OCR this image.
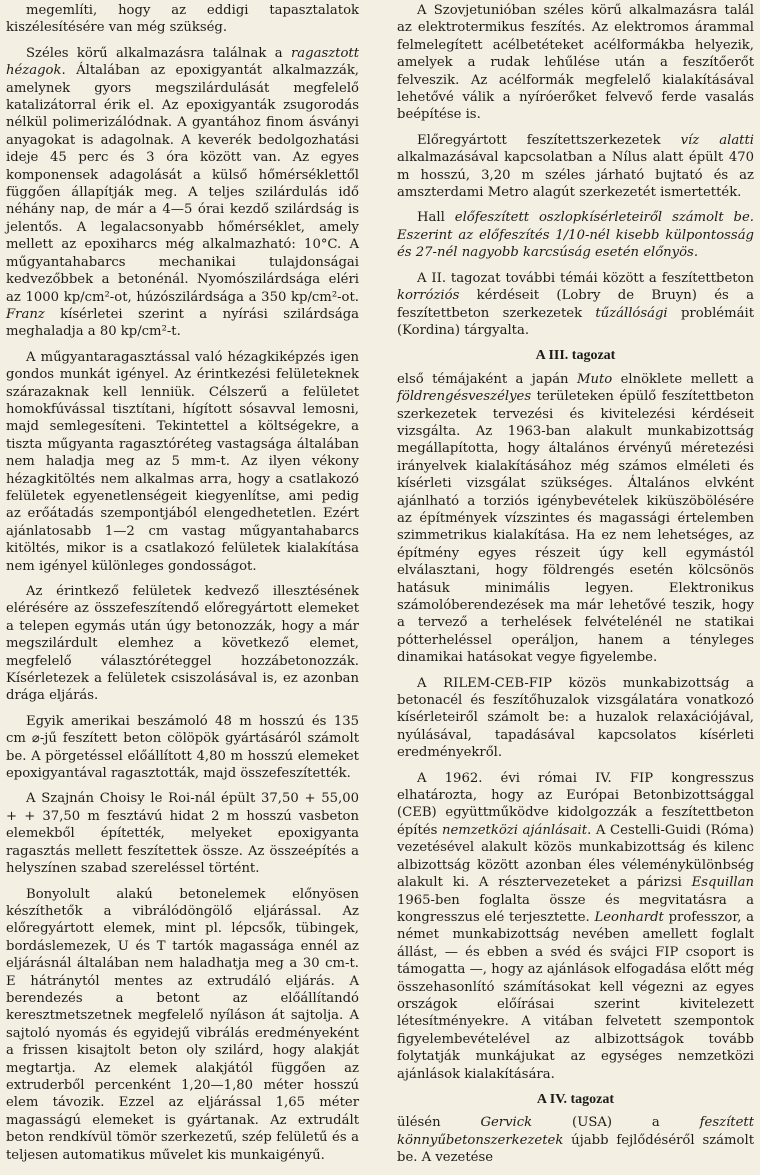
megemlíti, hogy az eddigi tapasztalatok kiszélesítésére van még szükség.

Széles körű alkalmazásra találnak a ragasztott hézagok. Általában az epoxigyantát alkalmazzák, amelynek gyors megszilárdulását megfelelő katalizátorral érik el. Az epoxigyanták zsugorodás nélkül polimerizálódnak. A gyantához finom ásványi anyagokat is adagolnak. A keverék bedolgozhatási ideje 45 perc és 3 óra között van. Az egyes komponensek adagolását a külső hőmérséklettől függően állapítják meg. A teljes szilárdulás idő néhány nap, de már a 4—5 órai kezdő szilárdság is jelentős. A legalacsonyabb hőmérséklet, amely mellett az epoxiharcs még alkalmazható: 10°C. A műgyantahabarcs mechanikai tulajdonságai kedvezőbbek a betonénál. Nyomószilárdsága eléri az 1000 kp/cm²-ot, húzószilárdsága a 350 kp/cm²-ot. Franz kísérletei szerint a nyírási szilárdsága meghaladja a 80 kp/cm²-t.

A műgyantaragasztással való hézagkiképzés igen gondos munkát igényel. Az érintkezési felületeknek szárazaknak kell lenniük. Célszerű a felületet homokfúvással tisztítani, hígított sósavval lemosni, majd semlegesíteni. Tekintettel a költségekre, a tiszta műgyanta ragasztóréteg vastagsága általában nem haladja meg az 5 mm-t. Az ilyen vékony hézagkitöltés nem alkalmas arra, hogy a csatlakozó felületek egyenetlenségeit kiegyenlítse, ami pedig az erőátadás szempontjából elengedhetetlen. Ezért ajánlatosabb 1—2 cm vastag műgyantahabarcs kitöltés, mikor is a csatlakozó felületek kialakítása nem igényel különleges gondosságot.

Az érintkező felületek kedvező illesztésének elérésére az összefeszítendő előregyártott elemeket a telepen egymás után úgy betonozzák, hogy a már megszilárdult elemhez a következő elemet, megfelelő választóréteggel hozzábetonozzák. Kísérletezek a felületek csiszolásával is, ez azonban drága eljárás.

Egyik amerikai beszámoló 48 m hosszú és 135 cm ⌀-jű feszített beton cölöpök gyártásáról számolt be. A pörgetéssel előállított 4,80 m hosszú elemeket epoxigyantával ragasztották, majd összefeszítették.

A Szajnán Choisy le Roi-nál épült 37,50 + 55,00 + + 37,50 m fesztávú hidat 2 m hosszú vasbeton elemekből építették, melyeket epoxigyanta ragasztás mellett feszítettek össze. Az összeépítés a helyszínen szabad szereléssel történt.

Bonyolult alakú betonelemek előnyösen készíthetők a vibrálódöngölő eljárással. Az előregyártott elemek, mint pl. lépcsők, tübingek, bordáslemezek, U és T tartók magassága ennél az eljárásnál általában nem haladhatja meg a 30 cm-t. E hátránytól mentes az extrudáló eljárás. A berendezés a betont az előállítandó keresztmetszetnek megfelelő nyíláson át sajtolja. A sajtoló nyomás és egyidejű vibrálás eredményeként a frissen kisajtolt beton oly szilárd, hogy alakját megtartja. Az elemek alakjától függően az extruderből percenként 1,20—1,80 méter hosszú elem távozik. Ezzel az eljárással 1,65 méter magasságú elemeket is gyártanak. Az extrudált beton rendkívül tömör szerkezetű, szép felületű és a teljesen automatikus művelet kis munkaigényű.

A Szovjetunióban széles körű alkalmazásra talál az elektrotermikus feszítés. Az elektromos árammal felmelegített acélbetéteket acélformákba helyezik, amelyek a rudak lehűlése után a feszítőerőt felveszik. Az acélformák megfelelő kialakításával lehetővé válik a nyíróerőket felvevő ferde vasalás beépítése is.

Előregyártott feszítettszerkezetek víz alatti alkalmazásával kapcsolatban a Nílus alatt épült 470 m hosszú, 3,20 m széles járható bujtató és az amszterdami Metro alagút szerkezetét ismertették.

Hall előfeszített oszlopkísérleteiről számolt be. Eszerint az előfeszítés 1/10-nél kisebb külpontosság és 27-nél nagyobb karcsúság esetén előnyös.

A II. tagozat további témái között a feszítettbeton korróziós kérdéseit (Lobry de Bruyn) és a feszítettbeton szerkezetek tűzállósági problémáit (Kordina) tárgyalta.

A III. tagozat

első témájaként a japán Muto elnöklete mellett a földrengésveszélyes területeken épülő feszítettbeton szerkezetek tervezési és kivitelezési kérdéseit vizsgálta. Az 1963-ban alakult munkabizottság megállapította, hogy általános érvényű méretezési irányelvek kialakításához még számos elméleti és kísérleti vizsgálat szükséges. Általános elvként ajánlható a torziós igénybevételek kiküszöbölésére az építmények vízszintes és magassági értelemben szimmetrikus kialakítása. Ha ez nem lehetséges, az építmény egyes részeit úgy kell egymástól elválasztani, hogy földrengés esetén kölcsönös hatásuk minimális legyen. Elektronikus számolóberendezések ma már lehetővé teszik, hogy a tervező a terhelések felvételénél ne statikai pótterheléssel operáljon, hanem a tényleges dinamikai hatásokat vegye figyelembe.

A RILEM-CEB-FIP közös munkabizottság a betonacél és feszítőhuzalok vizsgálatára vonatkozó kísérleteiről számolt be: a huzalok relaxációjával, nyúlásával, tapadásával kapcsolatos kísérleti eredményekről.

A 1962. évi római IV. FIP kongresszus elhatározta, hogy az Európai Betonbizottsággal (CEB) együttműködve kidolgozzák a feszítettbeton építés nemzetközi ajánlásait. A Cestelli-Guidi (Róma) vezetésével alakult közös munkabizottság és kilenc albizottság között azonban éles véleménykülönbség alakult ki. A résztervezeteket a párizsi Esquillan 1965-ben foglalta össze és megvitatásra a kongresszus elé terjesztette. Leonhardt professzor, a német munkabizottság nevében amellett foglalt állást, — és ebben a svéd és svájci FIP csoport is támogatta —, hogy az ajánlások elfogadása előtt még összehasonlító számításokat kell végezni az egyes országok előírásai szerint kivitelezett létesítményekre. A vitában felvetett szempontok figyelembevételével az albizottságok tovább folytatják munkájukat az egységes nemzetközi ajánlások kialakítására.

A IV. tagozat

ülésén Gervick (USA) a feszített könnyűbetonszerkezetek újabb fejlődéséről számolt be. A vezetése
